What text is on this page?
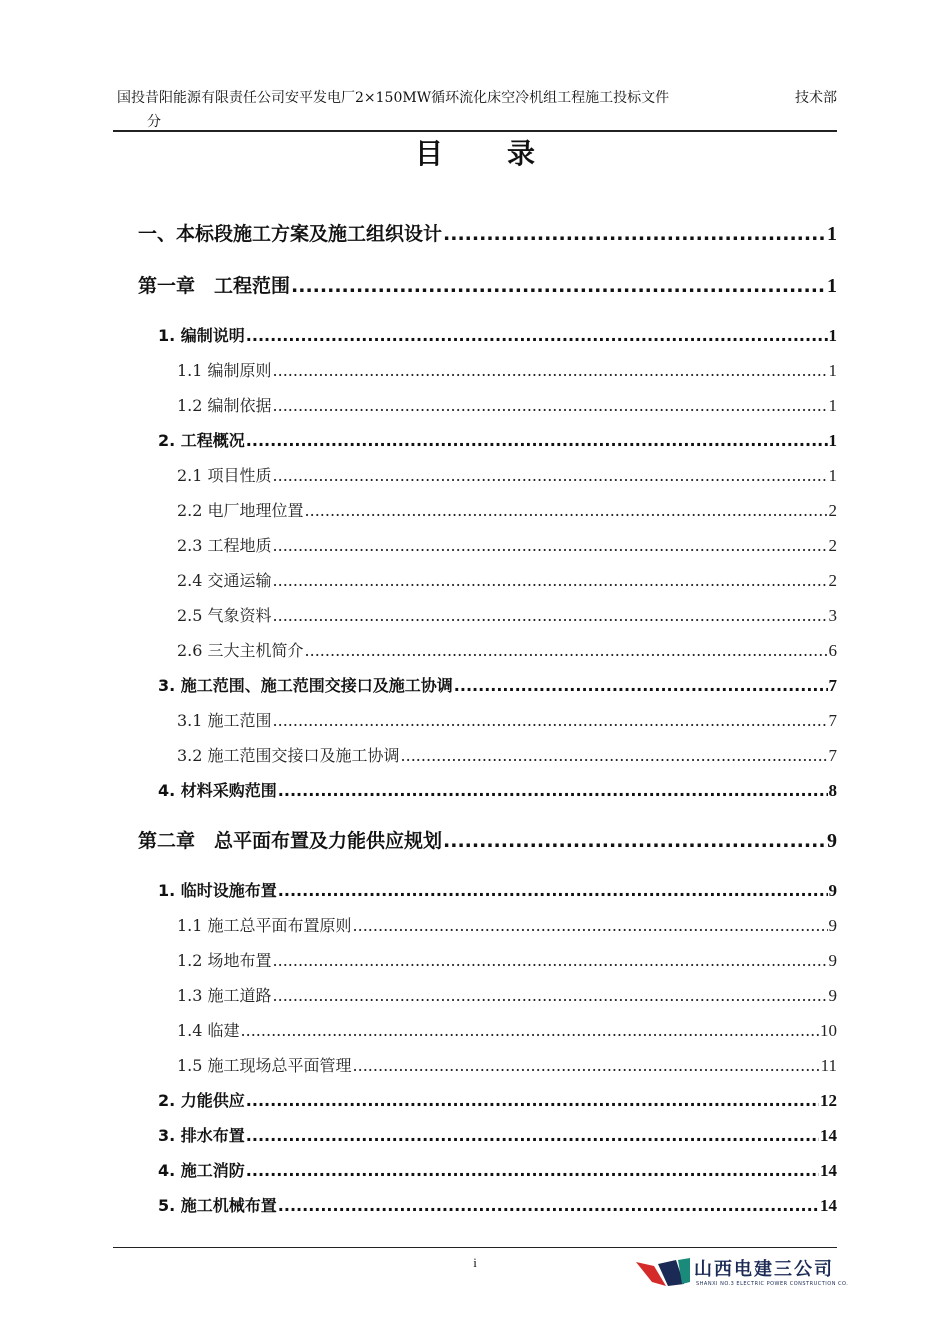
国投昔阳能源有限责任公司安平发电厂2×150MW循环流化床空冷机组工程施工投标文件	技术部
分
目录
一、本标段施工方案及施工组织设计 .....	1
第一章　工程范围 .....	1
1. 编制说明 .....	1
1.1 编制原则 .....	1
1.2 编制依据 .....	1
2. 工程概况 .....	1
2.1 项目性质 .....	1
2.2 电厂地理位置 .....	2
2.3 工程地质 .....	2
2.4 交通运输 .....	2
2.5 气象资料 .....	3
2.6 三大主机简介 .....	6
3. 施工范围、施工范围交接口及施工协调 .....	7
3.1 施工范围 .....	7
3.2 施工范围交接口及施工协调 .....	7
4. 材料采购范围 .....	8
第二章　总平面布置及力能供应规划 .....	9
1. 临时设施布置 .....	9
1.1 施工总平面布置原则 .....	9
1.2 场地布置 .....	9
1.3 施工道路 .....	9
1.4 临建 .....	10
1.5 施工现场总平面管理 .....	11
2. 力能供应 .....	12
3. 排水布置 .....	14
4. 施工消防 .....	14
5. 施工机械布置 .....	14
i	山西电建三公司
SHANXI NO.3 ELECTRIC POWER CONSTRUCTION CO.
